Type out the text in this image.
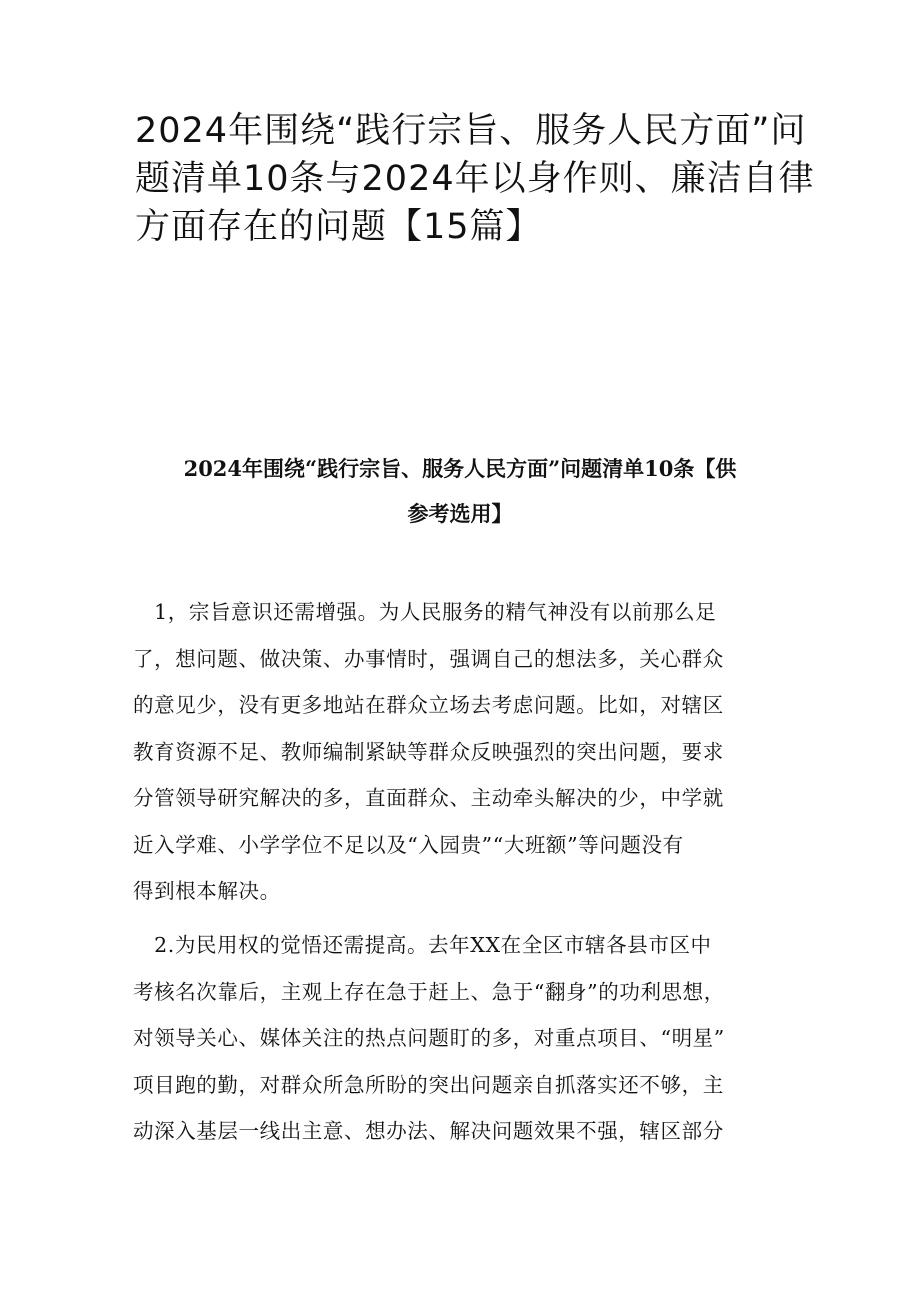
2024年围绕“践行宗旨、服务人民方面”问
题清单10条与2024年以身作则、廉洁自律
方面存在的问题【15篇】
2024年围绕“践行宗旨、服务人民方面”问题清单10条【供
参考选用】
　1，宗旨意识还需增强。为人民服务的精气神没有以前那么足
了，想问题、做决策、办事情时，强调自己的想法多，关心群众
的意见少，没有更多地站在群众立场去考虑问题。比如，对辖区
教育资源不足、教师编制紧缺等群众反映强烈的突出问题，要求
分管领导研究解决的多，直面群众、主动牵头解决的少，中学就
近入学难、小学学位不足以及“入园贵”“大班额”等问题没有
得到根本解决。
　2.为民用权的觉悟还需提高。去年XX在全区市辖各县市区中
考核名次靠后，主观上存在急于赶上、急于“翻身”的功利思想，
对领导关心、媒体关注的热点问题盯的多，对重点项目、“明星”
项目跑的勤，对群众所急所盼的突出问题亲自抓落实还不够，主
动深入基层一线出主意、想办法、解决问题效果不强，辖区部分
